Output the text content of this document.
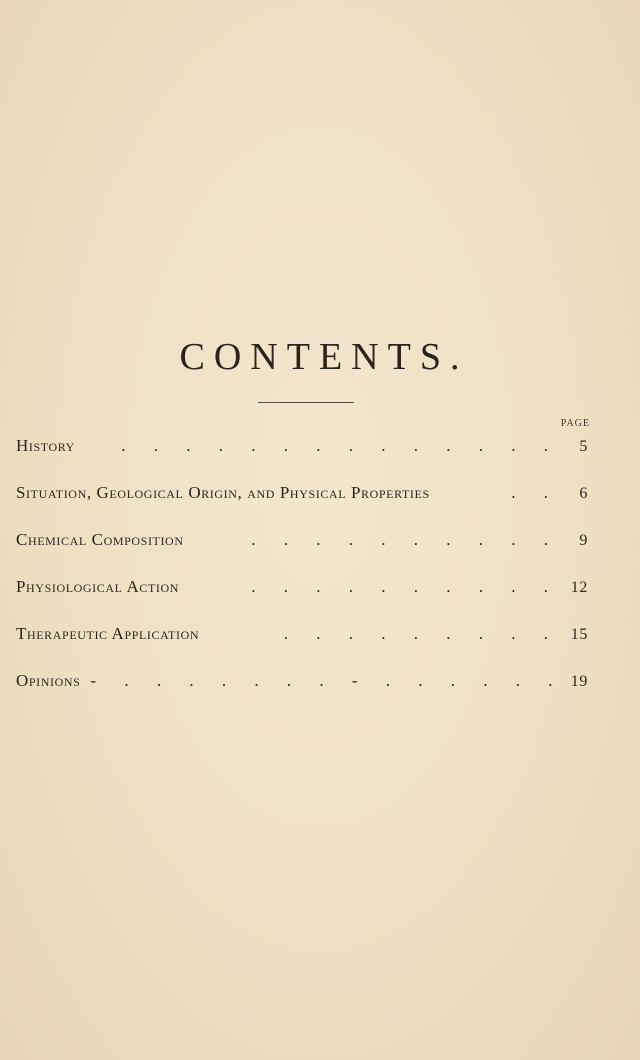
CONTENTS.
PAGE
History	. . . . . . . . . . . . . .	5
Situation, Geological Origin, and Physical Properties	. .	6
Chemical Composition	. . . . . . . . . .	9
Physiological Action	. . . . . . . . . . 12
Therapeutic Application	. . . . . . . . . 15
Opinions - . . . . . . . - . . . . . . 19
